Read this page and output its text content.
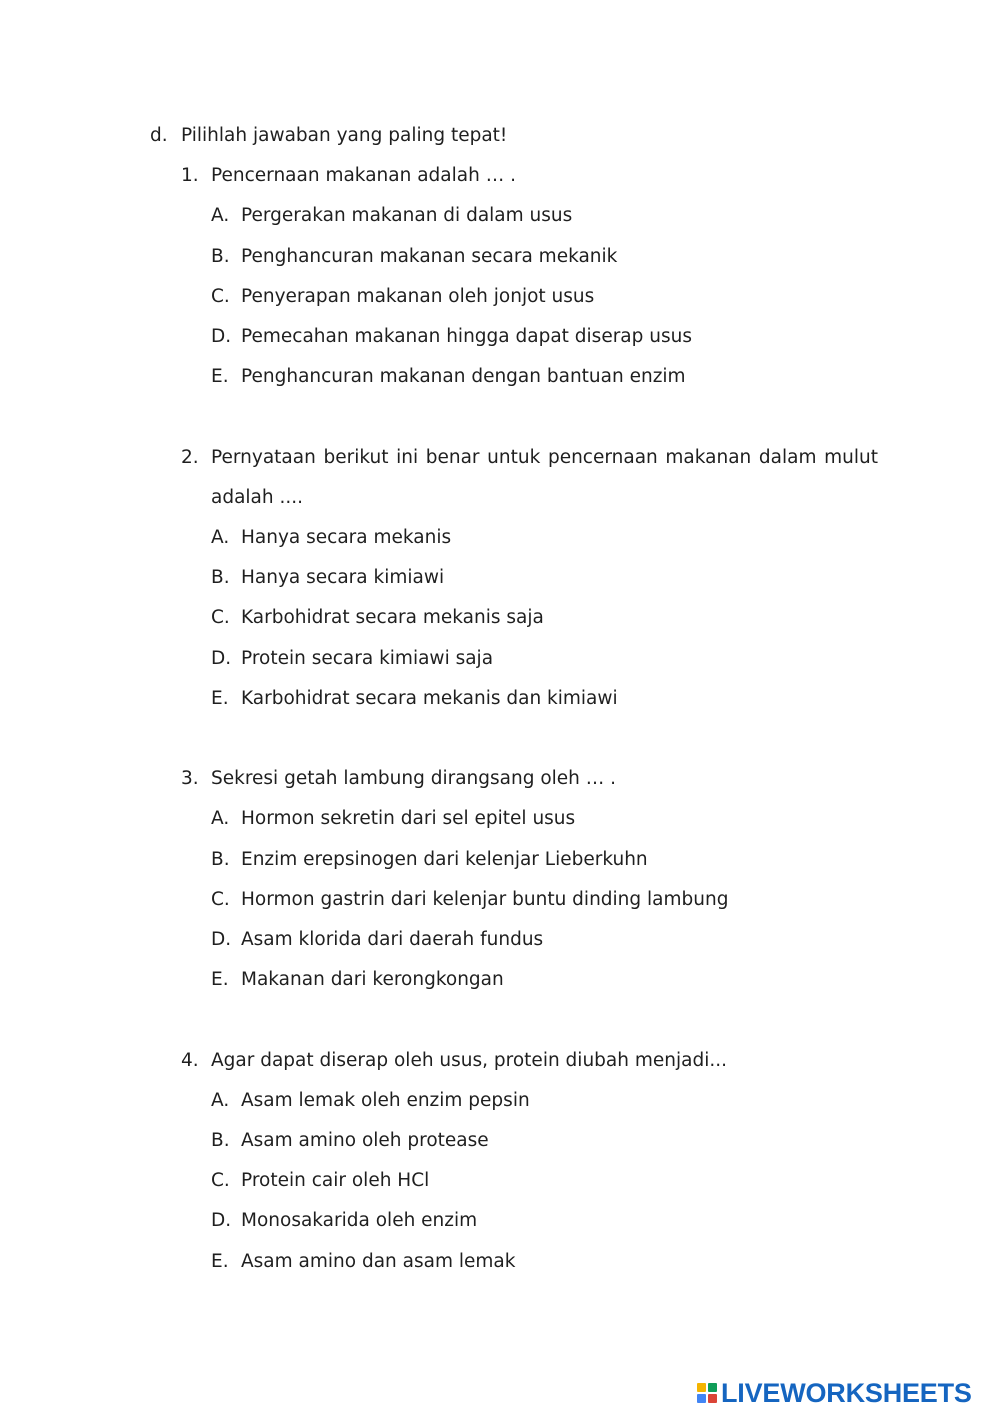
d. Pilihlah jawaban yang paling tepat!
1. Pencernaan makanan adalah … .
A. Pergerakan makanan di dalam usus
B. Penghancuran makanan secara mekanik
C. Penyerapan makanan oleh jonjot usus
D. Pemecahan makanan hingga dapat diserap usus
E. Penghancuran makanan dengan bantuan enzim
2. Pernyataan berikut ini benar untuk pencernaan makanan dalam mulut adalah ....
A. Hanya secara mekanis
B. Hanya secara kimiawi
C. Karbohidrat secara mekanis saja
D. Protein secara kimiawi saja
E. Karbohidrat secara mekanis dan kimiawi
3. Sekresi getah lambung dirangsang oleh … .
A. Hormon sekretin dari sel epitel usus
B. Enzim erepsinogen dari kelenjar Lieberkuhn
C. Hormon gastrin dari kelenjar buntu dinding lambung
D. Asam klorida dari daerah fundus
E. Makanan dari kerongkongan
4. Agar dapat diserap oleh usus, protein diubah menjadi...
A. Asam lemak oleh enzim pepsin
B. Asam amino oleh protease
C. Protein cair oleh HCl
D. Monosakarida oleh enzim
E. Asam amino dan asam lemak
LIVEWORKSHEETS
